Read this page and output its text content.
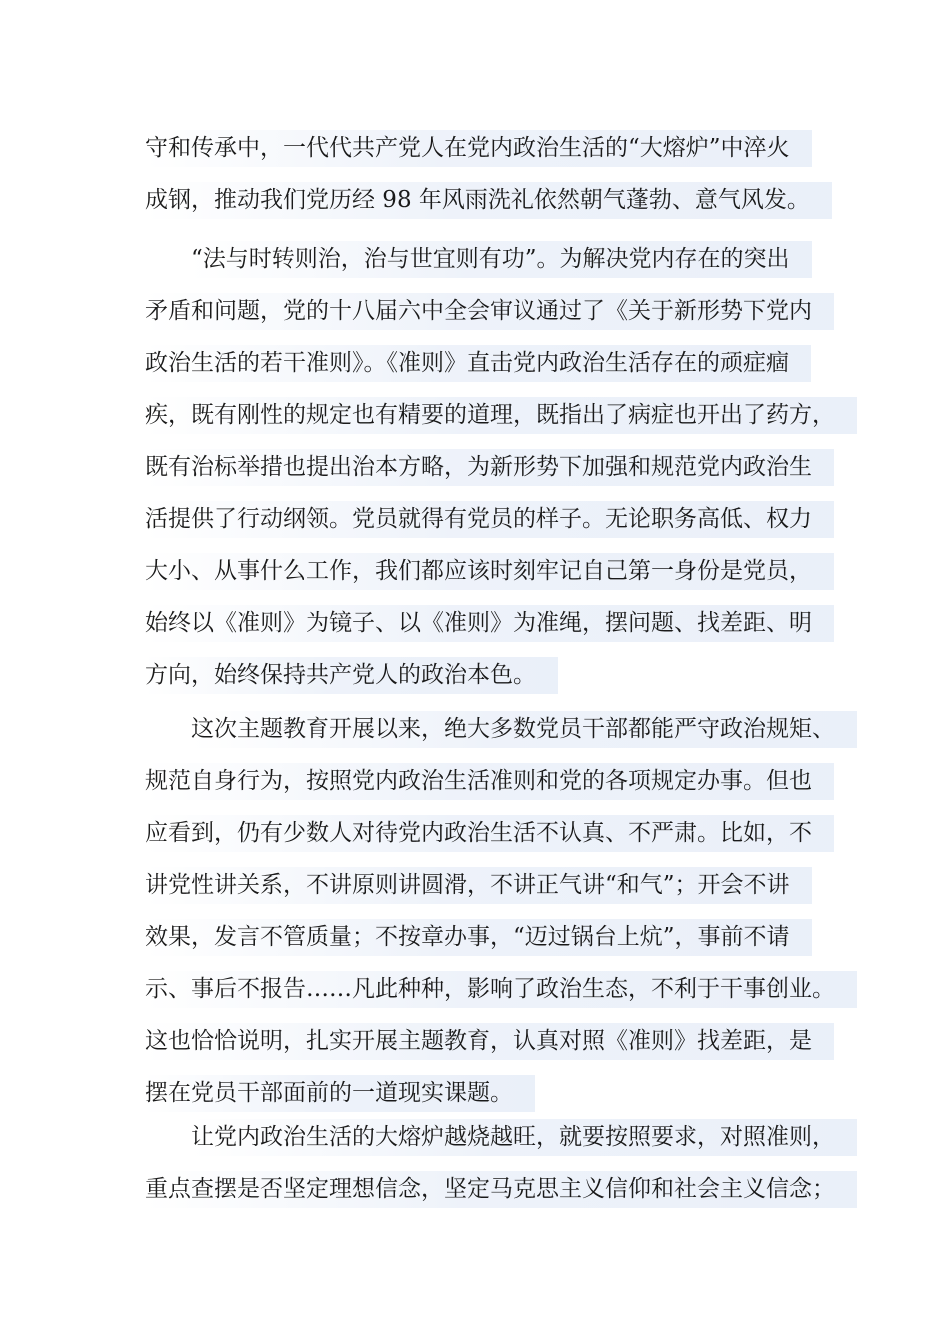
守和传承中，一代代共产党人在党内政治生活的“大熔炉”中淬火
成钢，推动我们党历经 98 年风雨洗礼依然朝气蓬勃、意气风发。
“法与时转则治，治与世宜则有功”。为解决党内存在的突出
矛盾和问题，党的十八届六中全会审议通过了《关于新形势下党内
政治生活的若干准则》。《准则》直击党内政治生活存在的顽症痼
疾，既有刚性的规定也有精要的道理，既指出了病症也开出了药方，
既有治标举措也提出治本方略，为新形势下加强和规范党内政治生
活提供了行动纲领。党员就得有党员的样子。无论职务高低、权力
大小、从事什么工作，我们都应该时刻牢记自己第一身份是党员，
始终以《准则》为镜子、以《准则》为准绳，摆问题、找差距、明
方向，始终保持共产党人的政治本色。
这次主题教育开展以来，绝大多数党员干部都能严守政治规矩、
规范自身行为，按照党内政治生活准则和党的各项规定办事。但也
应看到，仍有少数人对待党内政治生活不认真、不严肃。比如，不
讲党性讲关系，不讲原则讲圆滑，不讲正气讲“和气”；开会不讲
效果，发言不管质量；不按章办事，“迈过锅台上炕”，事前不请
示、事后不报告……凡此种种，影响了政治生态，不利于干事创业。
这也恰恰说明，扎实开展主题教育，认真对照《准则》找差距，是
摆在党员干部面前的一道现实课题。
让党内政治生活的大熔炉越烧越旺，就要按照要求，对照准则，
重点查摆是否坚定理想信念，坚定马克思主义信仰和社会主义信念；
